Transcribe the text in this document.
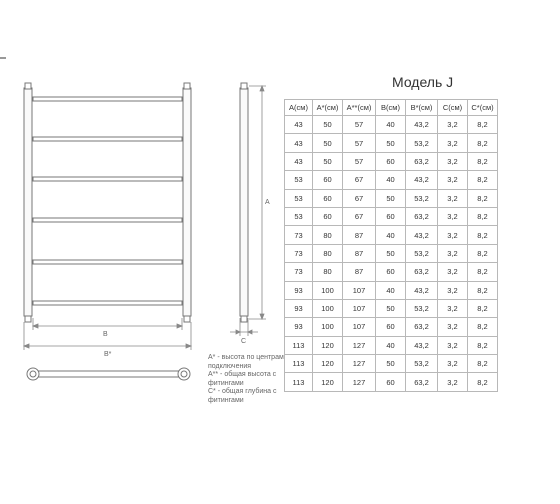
B
B*
A
C
Модель J
A(см)	A*(см)	A**(см)	B(см)	B*(см)	C(см)	C*(см)
43	50	57	40	43,2	3,2	8,2
43	50	57	50	53,2	3,2	8,2
43	50	57	60	63,2	3,2	8,2
53	60	67	40	43,2	3,2	8,2
53	60	67	50	53,2	3,2	8,2
53	60	67	60	63,2	3,2	8,2
73	80	87	40	43,2	3,2	8,2
73	80	87	50	53,2	3,2	8,2
73	80	87	60	63,2	3,2	8,2
93	100	107	40	43,2	3,2	8,2
93	100	107	50	53,2	3,2	8,2
93	100	107	60	63,2	3,2	8,2
113	120	127	40	43,2	3,2	8,2
113	120	127	50	53,2	3,2	8,2
113	120	127	60	63,2	3,2	8,2
A* - высота по центрам
подключения
A** - общая высота с
фитингами
C* - общая глубина с
фитингами
